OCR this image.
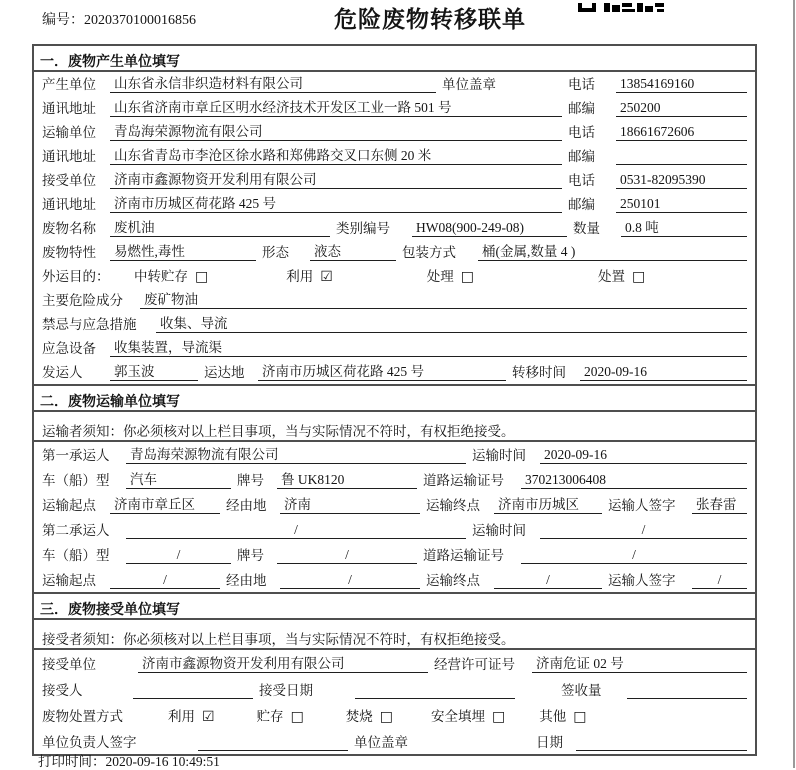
编号：2020370100016856	危险废物转移联单
一．废物产生单位填写
产生单位	山东省永信非织造材料有限公司	单位盖章	电话	13854169160
通讯地址	山东省济南市章丘区明水经济技术开发区工业一路 501 号	邮编	250200
运输单位	青岛海荣源物流有限公司	电话	18661672606
通讯地址	山东省青岛市李沧区徐水路和郑佛路交叉口东侧 20 米	邮编
接受单位	济南市鑫源物资开发利用有限公司	电话	0531-82095390
通讯地址	济南市历城区荷花路 425 号	邮编	250101
废物名称	废机油	类别编号	HW08(900-249-08)	数量	0.8 吨
废物特性	易燃性,毒性	形态	液态	包装方式	桶(金属,数量 4 )
外运目的：	中转贮存 □	利用 ☑	处理 □	处置 □
主要危险成分	废矿物油
禁忌与应急措施	收集、导流
应急设备	收集装置，导流渠
发运人	郭玉波	运达地	济南市历城区荷花路 425 号	转移时间	2020-09-16
二．废物运输单位填写
运输者须知：你必须核对以上栏目事项，当与实际情况不符时，有权拒绝接受。
第一承运人	青岛海荣源物流有限公司	运输时间	2020-09-16
车（船）型	汽车	牌号	鲁 UK8120	道路运输证号	370213006408
运输起点	济南市章丘区	经由地	济南	运输终点	济南市历城区	运输人签字	张春雷
第二承运人	/	运输时间	/
车（船）型	/	牌号	/	道路运输证号	/
运输起点	/	经由地	/	运输终点	/	运输人签字	/
三．废物接受单位填写
接受者须知：你必须核对以上栏目事项，当与实际情况不符时，有权拒绝接受。
接受单位	济南市鑫源物资开发利用有限公司	经营许可证号	济南危证 02 号
接受人	接受日期	签收量
废物处置方式	利用 ☑	贮存 □	焚烧 □	安全填埋 □	其他 □
单位负责人签字	单位盖章	日期
打印时间：2020-09-16 10:49:51
